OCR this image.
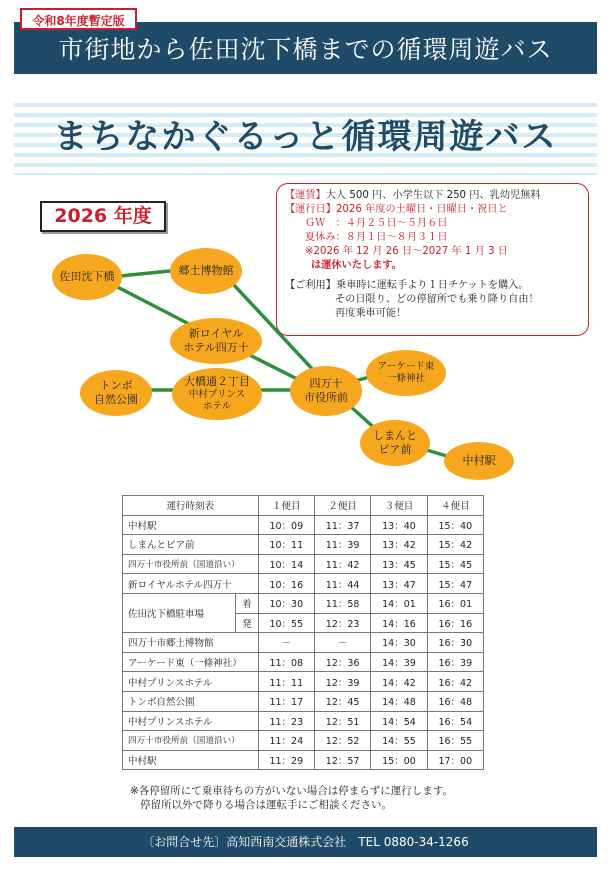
令和8年度暫定版
市街地から佐田沈下橋までの循環周遊バス
まちなかぐるっと循環周遊バス
2026 年度
【運賃】大人 500 円、小学生以下 250 円、乳幼児無料
【運行日】2026 年度の土曜日・日曜日・祝日と
ＧＷ　：４月２５日～５月６日
夏休み：８月１日～８月３１日
※2026 年 12 月 26 日～2027 年 1 月 3 日
は運休いたします。
【ご利用】乗車時に運転手より１日チケットを購入。
その日限り、どの停留所でも乗り降り自由！
再度乗車可能！
佐田沈下橋	郷土博物館
新ロイヤル
ホテル四万十
トンボ
自然公園
大橋通２丁目
中村プリンス
ホテル
四万十
市役所前
アーケード東
一條神社
しまんと
ピア前
中村駅
運行時刻表		１便目	２便目	３便目	４便目
中村駅		10：09	11：37	13：40	15：40
しまんとピア前		10：11	11：39	13：42	15：42
四万十市役所前（国道沿い）		10：14	11：42	13：45	15：45
新ロイヤルホテル四万十		10：16	11：44	13：47	15：47
佐田沈下橋駐車場	着	10：30	11：58	14：01	16：01
	発	10：55	12：23	14：16	16：16
四万十市郷土博物館		－	－	14：30	16：30
アーケード東（一條神社）		11：08	12：36	14：39	16：39
中村プリンスホテル		11：11	12：39	14：42	16：42
トンボ自然公園		11：17	12：45	14：48	16：48
中村プリンスホテル		11：23	12：51	14：54	16：54
四万十市役所前（国道沿い）		11：24	12：52	14：55	16：55
中村駅		11：29	12：57	15：00	17：00
※各停留所にて乗車待ちの方がいない場合は停まらずに運行します。
停留所以外で降りる場合は運転手にご相談ください。
〔お問合せ先〕高知西南交通株式会社　TEL 0880-34-1266
